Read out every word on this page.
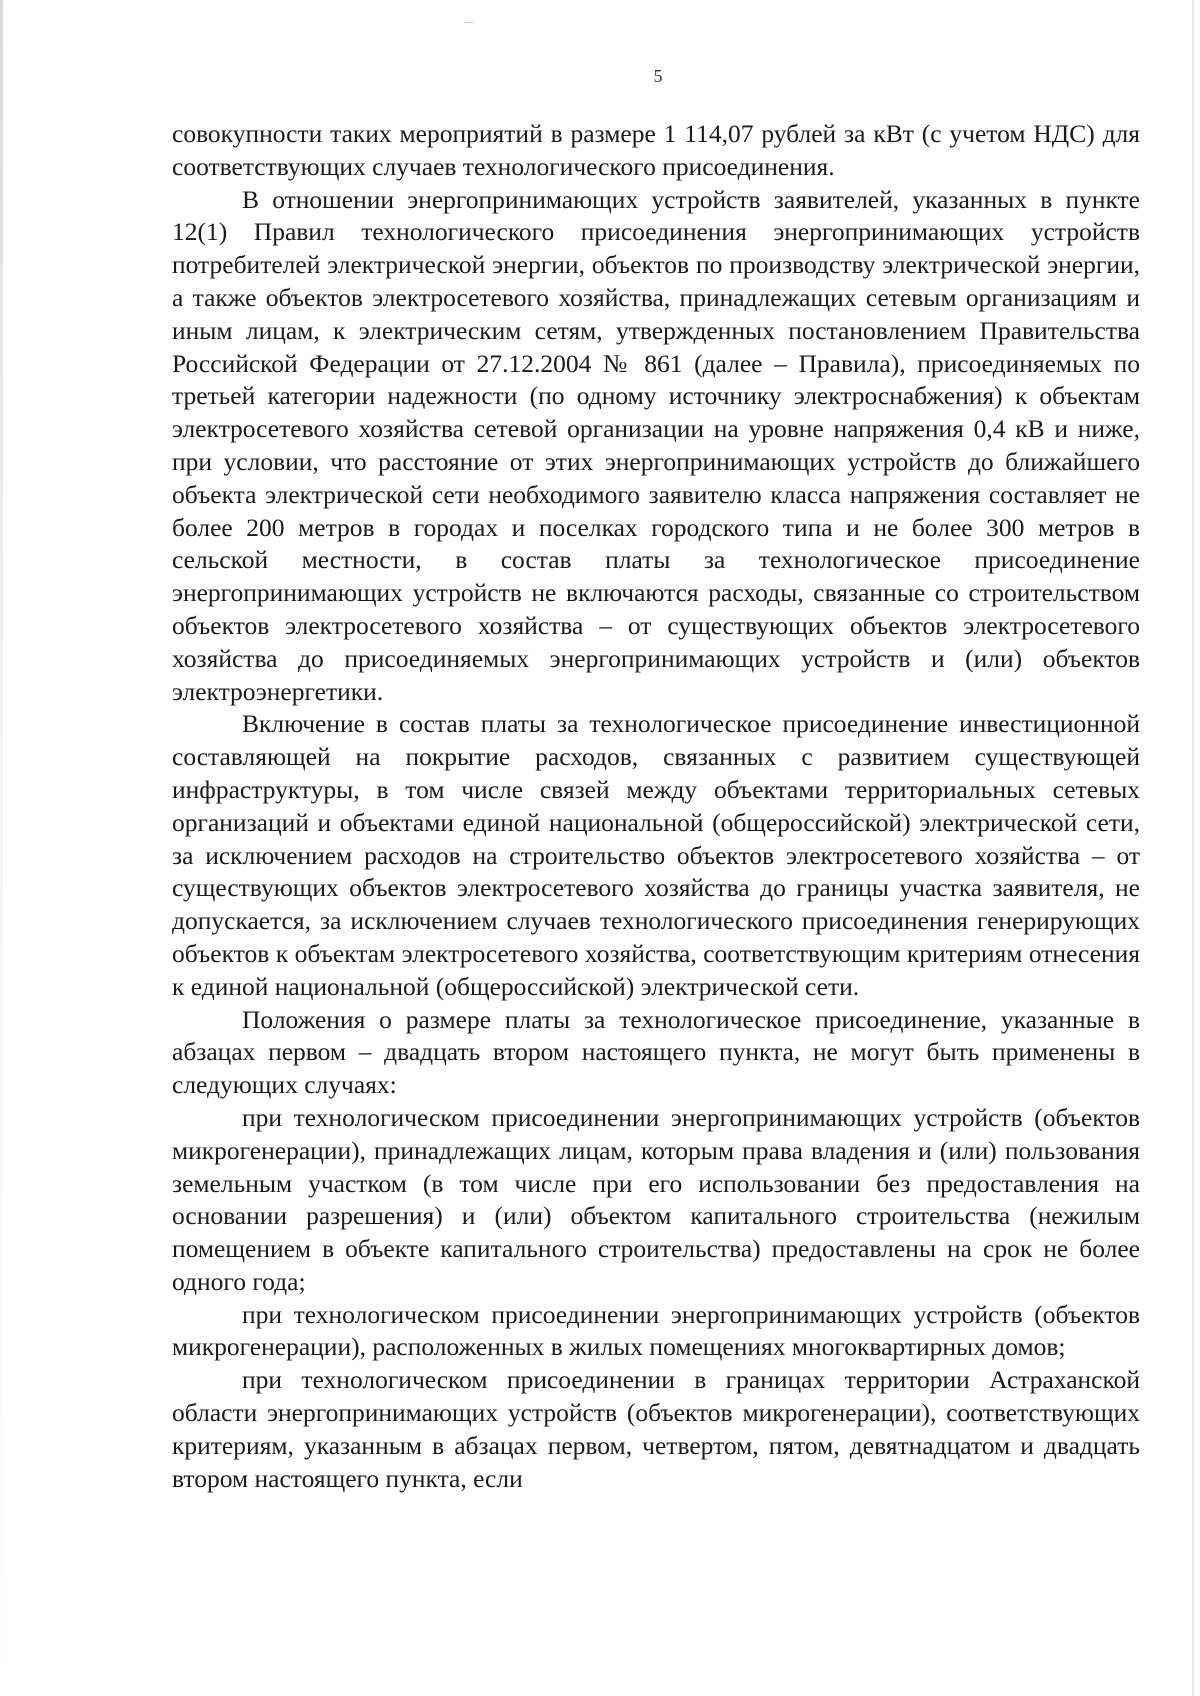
5

совокупности таких мероприятий в размере 1 114,07 рублей за кВт (с учетом НДС) для соответствующих случаев технологического присоединения.

В отношении энергопринимающих устройств заявителей, указанных в пункте 12(1) Правил технологического присоединения энергопринимающих устройств потребителей электрической энергии, объектов по производству электрической энергии, а также объектов электросетевого хозяйства, принадлежащих сетевым организациям и иным лицам, к электрическим сетям, утвержденных постановлением Правительства Российской Федерации от 27.12.2004 № 861 (далее – Правила), присоединяемых по третьей категории надежности (по одному источнику электроснабжения) к объектам электросетевого хозяйства сетевой организации на уровне напряжения 0,4 кВ и ниже, при условии, что расстояние от этих энергопринимающих устройств до ближайшего объекта электрической сети необходимого заявителю класса напряжения составляет не более 200 метров в городах и поселках городского типа и не более 300 метров в сельской местности, в состав платы за технологическое присоединение энергопринимающих устройств не включаются расходы, связанные со строительством объектов электросетевого хозяйства – от существующих объектов электросетевого хозяйства до присоединяемых энергопринимающих устройств и (или) объектов электроэнергетики.

Включение в состав платы за технологическое присоединение инвестиционной составляющей на покрытие расходов, связанных с развитием существующей инфраструктуры, в том числе связей между объектами территориальных сетевых организаций и объектами единой национальной (общероссийской) электрической сети, за исключением расходов на строительство объектов электросетевого хозяйства – от существующих объектов электросетевого хозяйства до границы участка заявителя, не допускается, за исключением случаев технологического присоединения генерирующих объектов к объектам электросетевого хозяйства, соответствующим критериям отнесения к единой национальной (общероссийской) электрической сети.

Положения о размере платы за технологическое присоединение, указанные в абзацах первом – двадцать втором настоящего пункта, не могут быть применены в следующих случаях:

при технологическом присоединении энергопринимающих устройств (объектов микрогенерации), принадлежащих лицам, которым права владения и (или) пользования земельным участком (в том числе при его использовании без предоставления на основании разрешения) и (или) объектом капитального строительства (нежилым помещением в объекте капитального строительства) предоставлены на срок не более одного года;

при технологическом присоединении энергопринимающих устройств (объектов микрогенерации), расположенных в жилых помещениях многоквартирных домов;

при технологическом присоединении в границах территории Астраханской области энергопринимающих устройств (объектов микрогенерации), соответствующих критериям, указанным в абзацах первом, четвертом, пятом, девятнадцатом и двадцать втором настоящего пункта, если
